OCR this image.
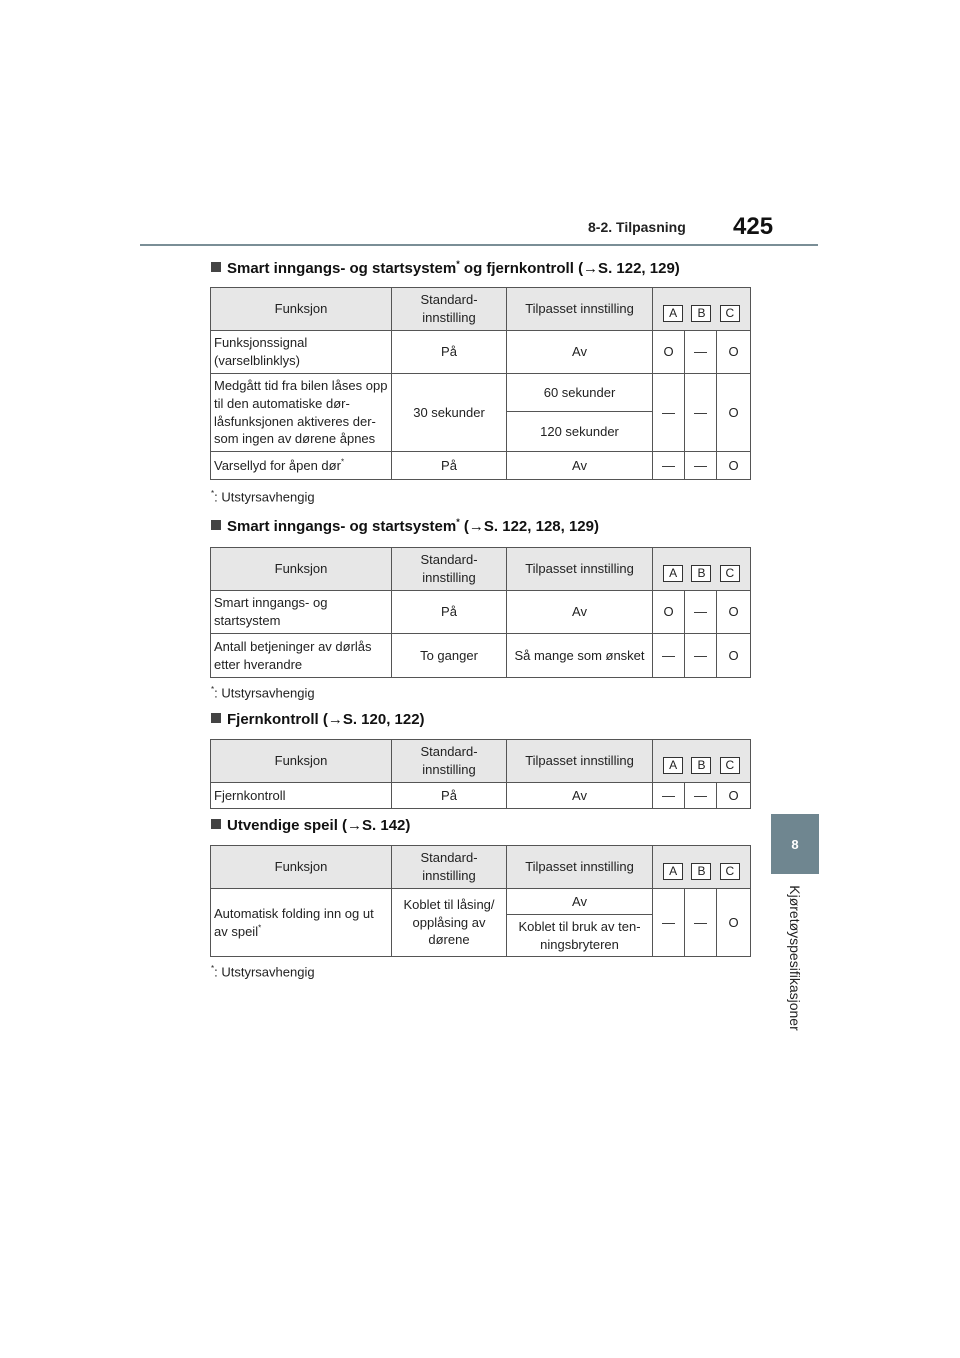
8-2. Tilpasning 425
8
Kjøretøyspesifikasjoner
Smart inngangs- og startsystem* og fjernkontroll (→S. 122, 129)
Funksjon	Standard-innstilling	Tilpasset innstilling	A B C		

Funksjonssignal (varselblinklys)	På	Av	O	—	O
Medgått tid fra bilen låses opp til den automatiske dør-låsfunksjonen aktiveres der-som ingen av dørene åpnes	30 sekunder	60 sekunder	—	—	O
		120 sekunder			
Varsellyd for åpen dør*	På	Av	—	—	O
*: Utstyrsavhengig
Smart inngangs- og startsystem* (→S. 122, 128, 129)
Funksjon	Standard-innstilling	Tilpasset innstilling	A B C		

Smart inngangs- og startsystem	På	Av	O	—	O
Antall betjeninger av dørlås etter hverandre	To ganger	Så mange som ønsket	—	—	O
*: Utstyrsavhengig
Fjernkontroll (→S. 120, 122)
Funksjon	Standard-innstilling	Tilpasset innstilling	A B C		

Fjernkontroll	På	Av	—	—	O
Utvendige speil (→S. 142)
Funksjon	Standard-innstilling	Tilpasset innstilling	A B C		

Automatisk folding inn og ut av speil*	Koblet til låsing/ opplåsing av dørene	Av	—	—	O
		Koblet til bruk av ten-ningsbryteren			
*: Utstyrsavhengig
